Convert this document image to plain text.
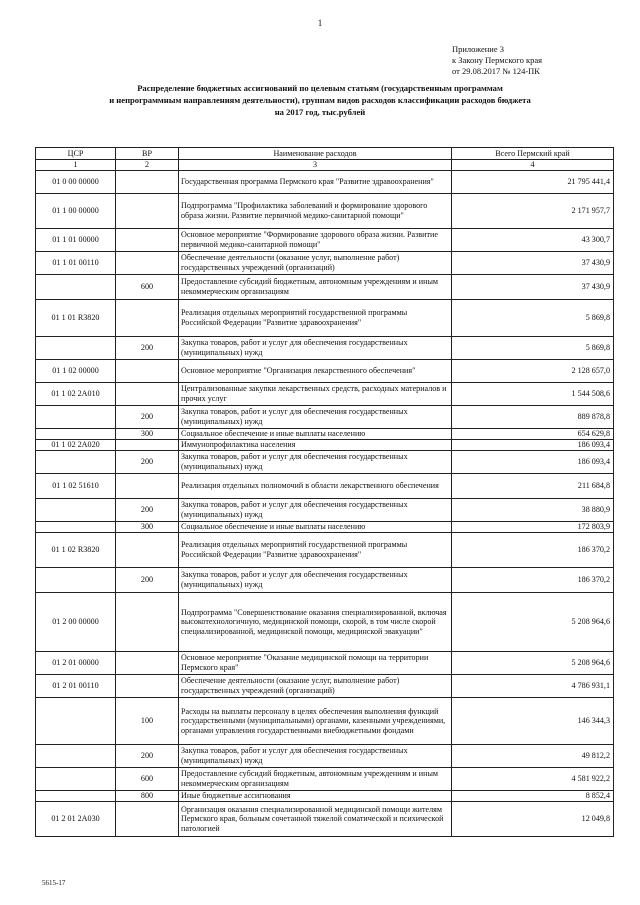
1
Приложение 3
к Закону Пермского края
от 29.08.2017 № 124-ПК
Распределение бюджетных ассигнований по целевым статьям (государственным программам
и непрограммным направлениям деятельности), группам видов расходов классификации расходов бюджета
на 2017 год, тыс.рублей
ЦСР	ВР	Наименование расходов	Всего Пермский край
1	2	3	4
01 0 00 00000		Государственная программа Пермского края "Развитие здравоохранения"	21 795 441,4
01 1 00 00000		Подпрограмма "Профилактика заболеваний и формирование здорового образа жизни. Развитие первичной медико-санитарной помощи"	2 171 957,7
01 1 01 00000		Основное мероприятие "Формирование здорового образа жизни. Развитие первичной медико-санитарной помощи"	43 300,7
01 1 01 00110		Обеспечение деятельности (оказание услуг, выполнение работ) государственных учреждений (организаций)	37 430,9
	600	Предоставление субсидий бюджетным, автономным учреждениям и иным некоммерческим организациям	37 430,9
01 1 01 R3820		Реализация отдельных мероприятий государственной программы Российской Федерации "Развитие здравоохранения"	5 869,8
	200	Закупка товаров, работ и услуг для обеспечения государственных (муниципальных) нужд	5 869,8
01 1 02 00000		Основное мероприятие "Организация лекарственного обеспечения"	2 128 657,0
01 1 02 2А010		Централизованные закупки лекарственных средств, расходных материалов и прочих услуг	1 544 508,6
	200	Закупка товаров, работ и услуг для обеспечения государственных (муниципальных) нужд	889 878,8
	300	Социальное обеспечение и иные выплаты населению	654 629,8
01 1 02 2А020		Иммунопрофилактика населения	186 093,4
	200	Закупка товаров, работ и услуг для обеспечения государственных (муниципальных) нужд	186 093,4
01 1 02 51610		Реализация отдельных полномочий в области лекарственного обеспечения	211 684,8
	200	Закупка товаров, работ и услуг для обеспечения государственных (муниципальных) нужд	38 880,9
	300	Социальное обеспечение и иные выплаты населению	172 803,9
01 1 02 R3820		Реализация отдельных мероприятий государственной программы Российской Федерации "Развитие здравоохранения"	186 370,2
	200	Закупка товаров, работ и услуг для обеспечения государственных (муниципальных) нужд	186 370,2
01 2 00 00000		Подпрограмма "Совершенствование оказания специализированной, включая высокотехнологичную, медицинской помощи, скорой, в том числе скорой специализированной, медицинской помощи, медицинской эвакуации"	5 208 964,6
01 2 01 00000		Основное мероприятие "Оказание медицинской помощи на территории Пермского края"	5 208 964,6
01 2 01 00110		Обеспечение деятельности (оказание услуг, выполнение работ) государственных учреждений (организаций)	4 786 931,1
	100	Расходы на выплаты персоналу в целях обеспечения выполнения функций государственными (муниципальными) органами, казенными учреждениями, органами управления государственными внебюджетными фондами	146 344,3
	200	Закупка товаров, работ и услуг для обеспечения государственных (муниципальных) нужд	49 812,2
	600	Предоставление субсидий бюджетным, автономным учреждениям и иным некоммерческим организациям	4 581 922,2
	800	Иные бюджетные ассигнования	8 852,4
01 2 01 2А030		Организация оказания специализированной медицинской помощи жителям Пермского края, больным сочетанной тяжелой соматической и психической патологией	12 049,8
5615-17
